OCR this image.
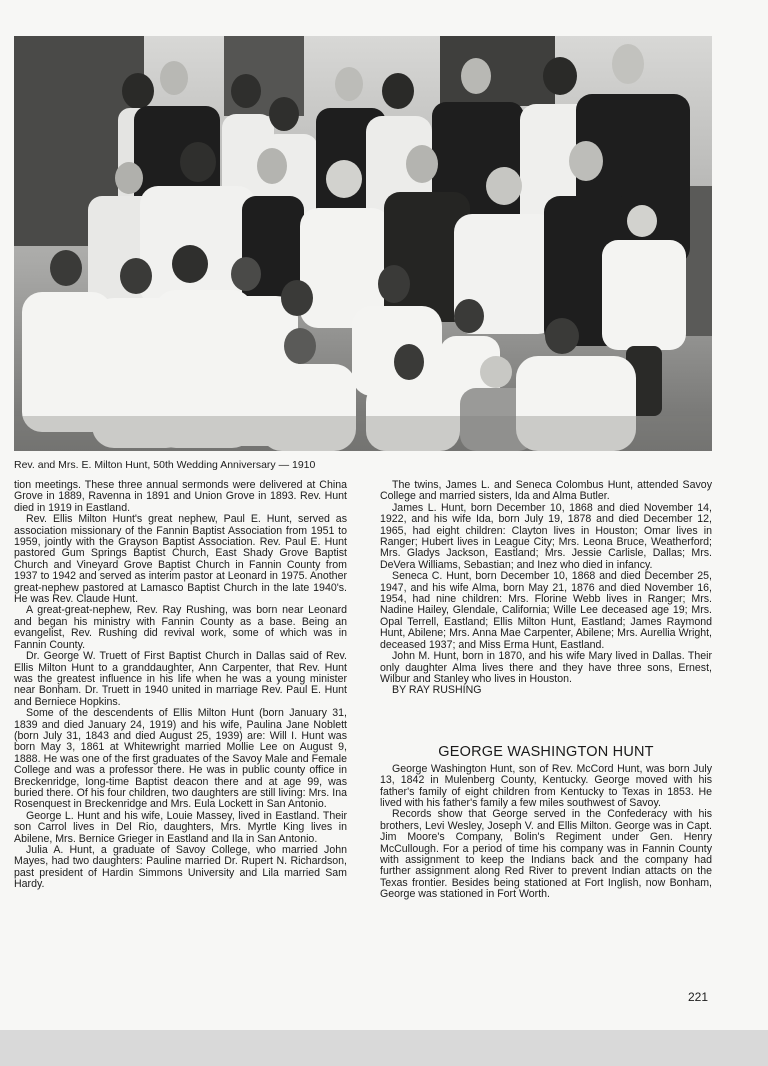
Rev. and Mrs. E. Milton Hunt, 50th Wedding Anniversary — 1910

tion meetings. These three annual sermonds were delivered at China Grove in 1889, Ravenna in 1891 and Union Grove in 1893. Rev. Hunt died in 1919 in Eastland.

Rev. Ellis Milton Hunt's great nephew, Paul E. Hunt, served as association missionary of the Fannin Baptist Association from 1951 to 1959, jointly with the Grayson Baptist Association. Rev. Paul E. Hunt pastored Gum Springs Baptist Church, East Shady Grove Baptist Church and Vineyard Grove Baptist Church in Fannin County from 1937 to 1942 and served as interim pastor at Leonard in 1975. Another great-nephew pastored at Lamasco Baptist Church in the late 1940's. He was Rev. Claude Hunt.

A great-great-nephew, Rev. Ray Rushing, was born near Leonard and began his ministry with Fannin County as a base. Being an evangelist, Rev. Rushing did revival work, some of which was in Fannin County.

Dr. George W. Truett of First Baptist Church in Dallas said of Rev. Ellis Milton Hunt to a granddaughter, Ann Carpenter, that Rev. Hunt was the greatest influence in his life when he was a young minister near Bonham. Dr. Truett in 1940 united in marriage Rev. Paul E. Hunt and Berniece Hopkins.

Some of the descendents of Ellis Milton Hunt (born January 31, 1839 and died January 24, 1919) and his wife, Paulina Jane Noblett (born July 31, 1843 and died August 25, 1939) are: Will I. Hunt was born May 3, 1861 at Whitewright married Mollie Lee on August 9, 1888. He was one of the first graduates of the Savoy Male and Female College and was a professor there. He was in public county office in Breckenridge, long-time Baptist deacon there and at age 99, was buried there. Of his four children, two daughters are still living: Mrs. Ina Rosenquest in Breckenridge and Mrs. Eula Lockett in San Antonio.

George L. Hunt and his wife, Louie Massey, lived in Eastland. Their son Carrol lives in Del Rio, daughters, Mrs. Myrtle King lives in Abilene, Mrs. Bernice Grieger in Eastland and Ila in San Antonio.

Julia A. Hunt, a graduate of Savoy College, who married John Mayes, had two daughters: Pauline married Dr. Rupert N. Richardson, past president of Hardin Simmons University and Lila married Sam Hardy.

The twins, James L. and Seneca Colombus Hunt, attended Savoy College and married sisters, Ida and Alma Butler.

James L. Hunt, born December 10, 1868 and died November 14, 1922, and his wife Ida, born July 19, 1878 and died December 12, 1965, had eight children: Clayton lives in Houston; Omar lives in Ranger; Hubert lives in League City; Mrs. Leona Bruce, Weatherford; Mrs. Gladys Jackson, Eastland; Mrs. Jessie Carlisle, Dallas; Mrs. DeVera Williams, Sebastian; and Inez who died in infancy.

Seneca C. Hunt, born December 10, 1868 and died December 25, 1947, and his wife Alma, born May 21, 1876 and died November 16, 1954, had nine children: Mrs. Florine Webb lives in Ranger; Mrs. Nadine Hailey, Glendale, California; Wille Lee deceased age 19; Mrs. Opal Terrell, Eastland; Ellis Milton Hunt, Eastland; James Raymond Hunt, Abilene; Mrs. Anna Mae Carpenter, Abilene; Mrs. Aurellia Wright, deceased 1937; and Miss Erma Hunt, Eastland.

John M. Hunt, born in 1870, and his wife Mary lived in Dallas. Their only daughter Alma lives there and they have three sons, Ernest, Wilbur and Stanley who lives in Houston.

BY RAY RUSHING

GEORGE WASHINGTON HUNT

George Washington Hunt, son of Rev. McCord Hunt, was born July 13, 1842 in Mulenberg County, Kentucky. George moved with his father's family of eight children from Kentucky to Texas in 1853. He lived with his father's family a few miles southwest of Savoy.

Records show that George served in the Confederacy with his brothers, Levi Wesley, Joseph V. and Ellis Milton. George was in Capt. Jim Moore's Company, Bolin's Regiment under Gen. Henry McCullough. For a period of time his company was in Fannin County with assignment to keep the Indians back and the company had further assignment along Red River to prevent Indian attacts on the Texas frontier. Besides being stationed at Fort Inglish, now Bonham, George was stationed in Fort Worth.

221
